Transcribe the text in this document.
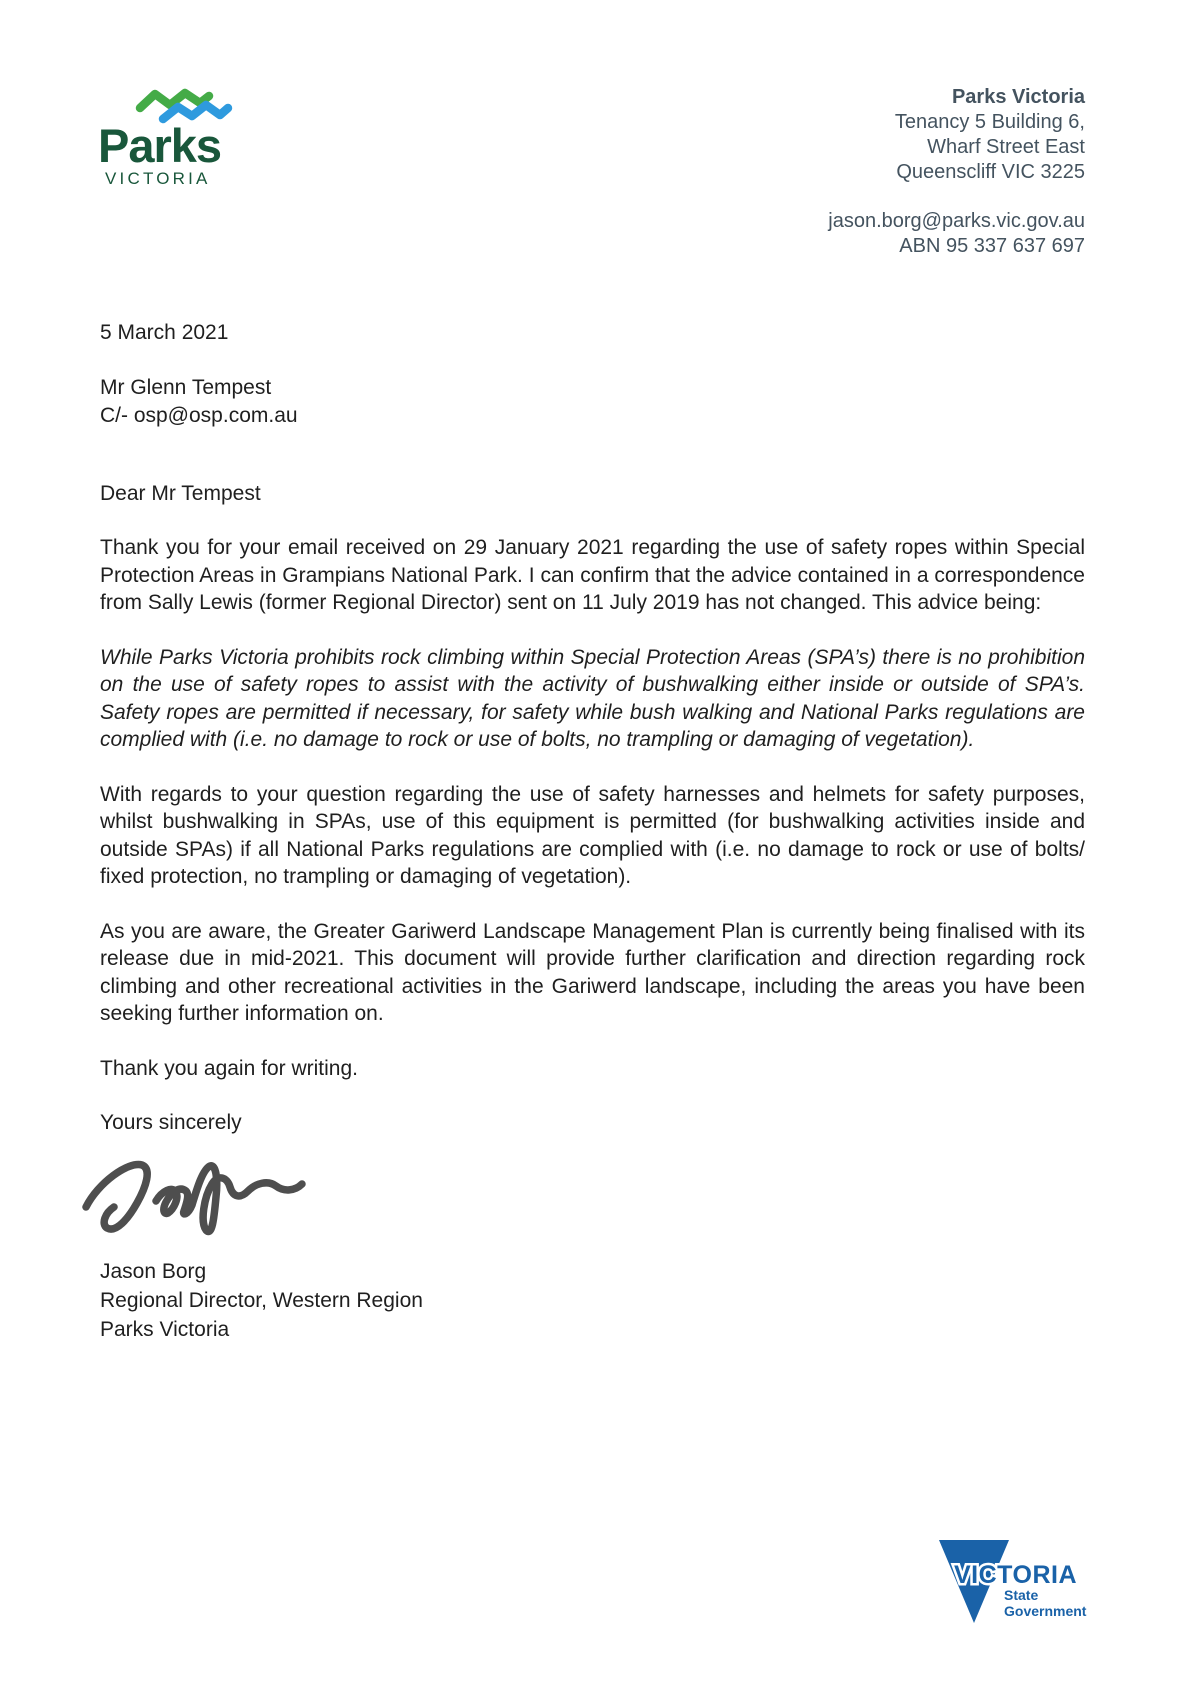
Parks
VICTORIA
Parks Victoria
Tenancy 5 Building 6,
Wharf Street East
Queenscliff VIC 3225
jason.borg@parks.vic.gov.au
ABN 95 337 637 697
5 March 2021
Mr Glenn Tempest
C/- osp@osp.com.au
Dear Mr Tempest

Thank you for your email received on 29 January 2021 regarding the use of safety ropes within Special Protection Areas in Grampians National Park. I can confirm that the advice contained in a correspondence from Sally Lewis (former Regional Director) sent on 11 July 2019 has not changed. This advice being:

While Parks Victoria prohibits rock climbing within Special Protection Areas (SPA’s) there is no prohibition on the use of safety ropes to assist with the activity of bushwalking either inside or outside of SPA’s. Safety ropes are permitted if necessary, for safety while bush walking and National Parks regulations are complied with (i.e. no damage to rock or use of bolts, no trampling or damaging of vegetation).

With regards to your question regarding the use of safety harnesses and helmets for safety purposes, whilst bushwalking in SPAs, use of this equipment is permitted (for bushwalking activities inside and outside SPAs) if all National Parks regulations are complied with (i.e. no damage to rock or use of bolts/ fixed protection, no trampling or damaging of vegetation).

As you are aware, the Greater Gariwerd Landscape Management Plan is currently being finalised with its release due in mid-2021. This document will provide further clarification and direction regarding rock climbing and other recreational activities in the Gariwerd landscape, including the areas you have been seeking further information on.

Thank you again for writing.

Yours sincerely

Jason Borg
Regional Director, Western Region
Parks Victoria
VICTORIA
State
Government
